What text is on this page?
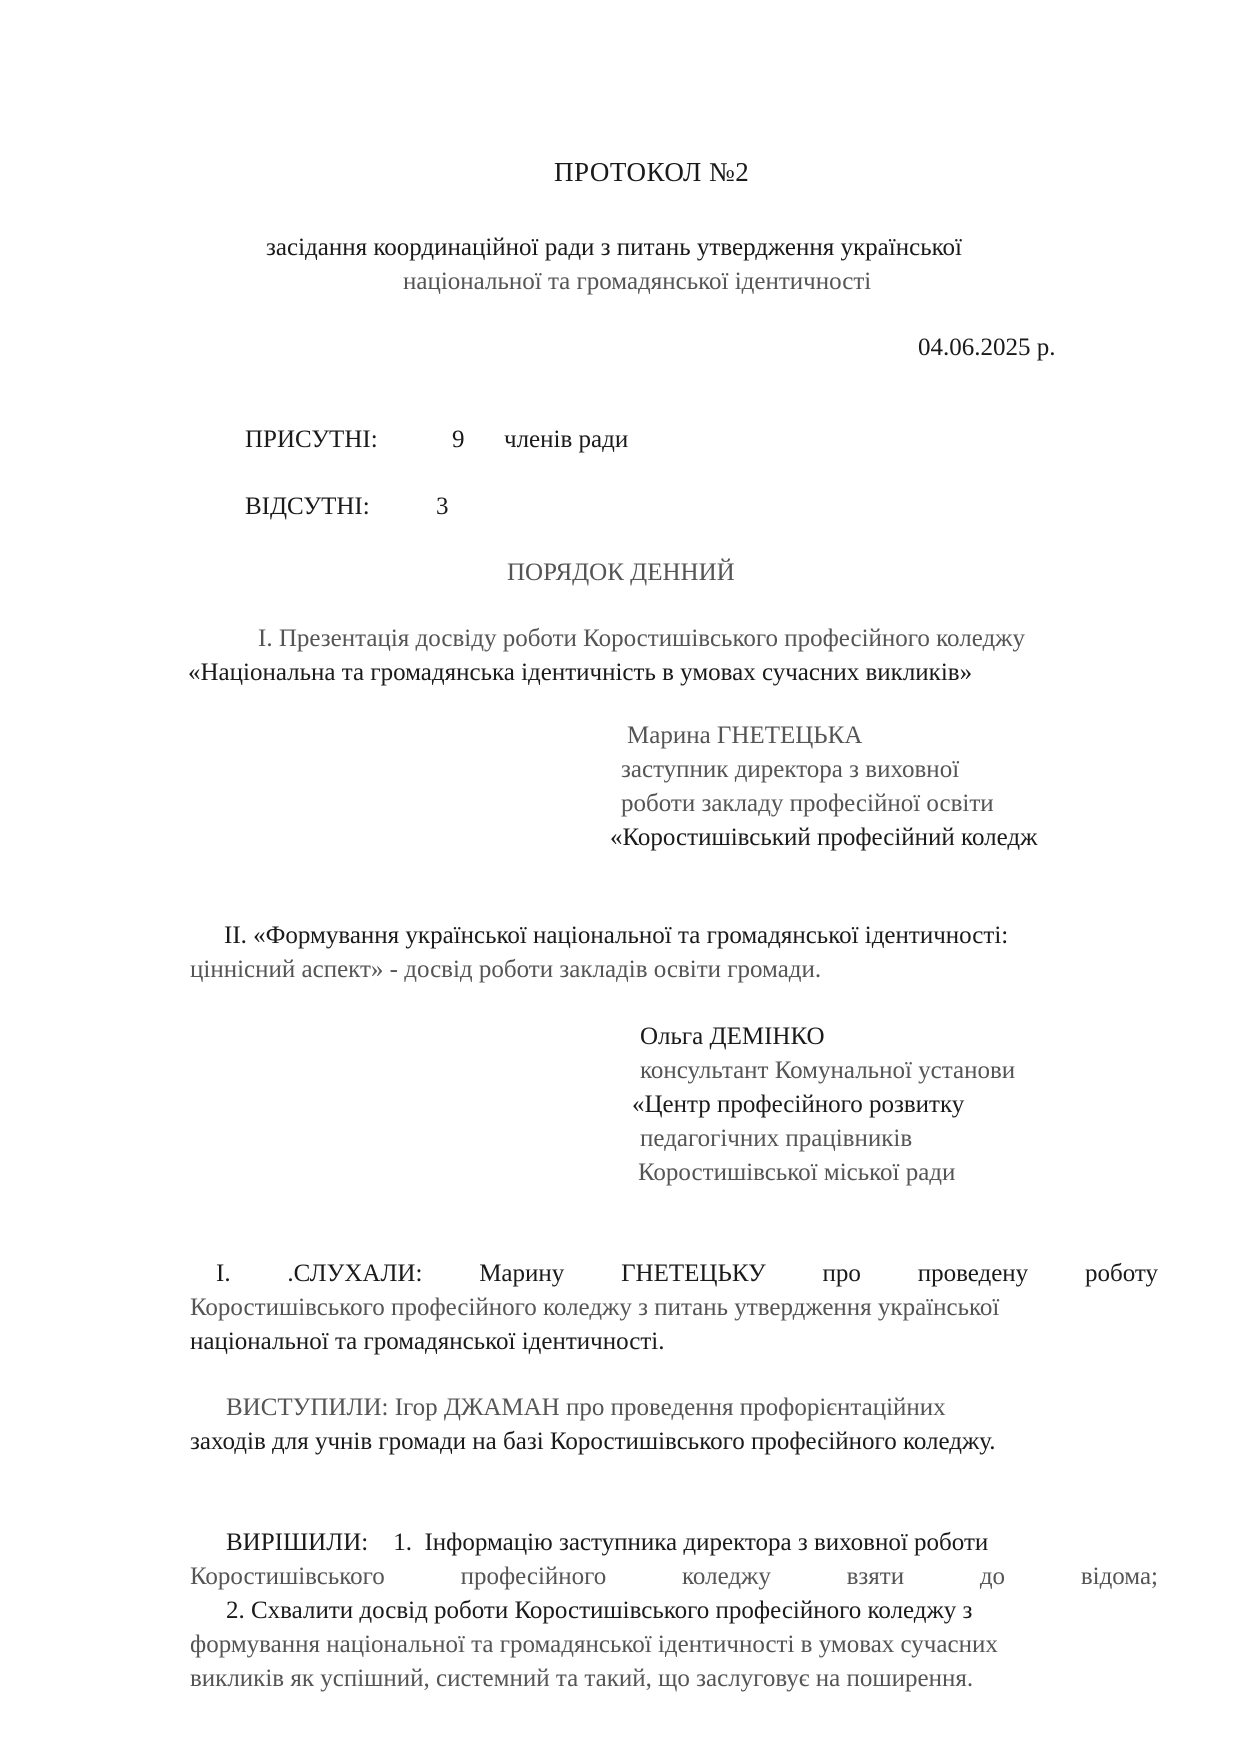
ПРОТОКОЛ №2
засідання координаційної ради з питань утвердження української
національної та громадянської ідентичності
04.06.2025 р.
ПРИСУТНІ:	9 членів ради
ВІДСУТНІ:	3
ПОРЯДОК ДЕННИЙ
І. Презентація досвіду роботи Коростишівського професійного коледжу
«Національна та громадянська ідентичність в умовах сучасних викликів»
Марина ГНЕТЕЦЬКА
заступник директора з виховної
роботи закладу професійної освіти
«Коростишівський професійний коледж
ІІ. «Формування української національної та громадянської ідентичності:
ціннісний аспект» - досвід роботи закладів освіти громади.
Ольга ДЕМІНКО
консультант Комунальної установи
«Центр професійного розвитку
педагогічних працівників
Коростишівської міської ради
І. .СЛУХАЛИ: Марину ГНЕТЕЦЬКУ про проведену роботу
Коростишівського професійного коледжу з питань утвердження української
національної та громадянської ідентичності.
ВИСТУПИЛИ: Ігор ДЖАМАН про проведення профорієнтаційних
заходів для учнів громади на базі Коростишівського професійного коледжу.
ВИРІШИЛИ:    1.  Інформацію заступника директора з виховної роботи
Коростишівського	професійного	коледжу	взяти	до	відома;
2. Схвалити досвід роботи Коростишівського професійного коледжу з
формування національної та громадянської ідентичності в умовах сучасних
викликів як успішний, системний та такий, що заслуговує на поширення.
